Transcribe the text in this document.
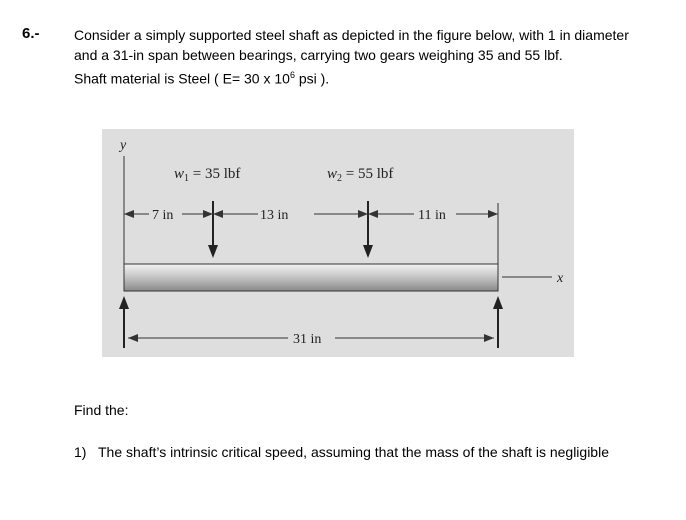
6.- Consider a simply supported steel shaft as depicted in the figure below, with 1 in diameter
and a 31-in span between bearings, carrying two gears weighing 35 and 55 lbf.
Shaft material is Steel ( E= 30 x $10^6$ psi ).
y
$w_1 = 35$ lbf	$w_2 = 55$ lbf
7 in	13 in	11 in
x
31 in
Find the:
1) The shaft’s intrinsic critical speed, assuming that the mass of the shaft is negligible
